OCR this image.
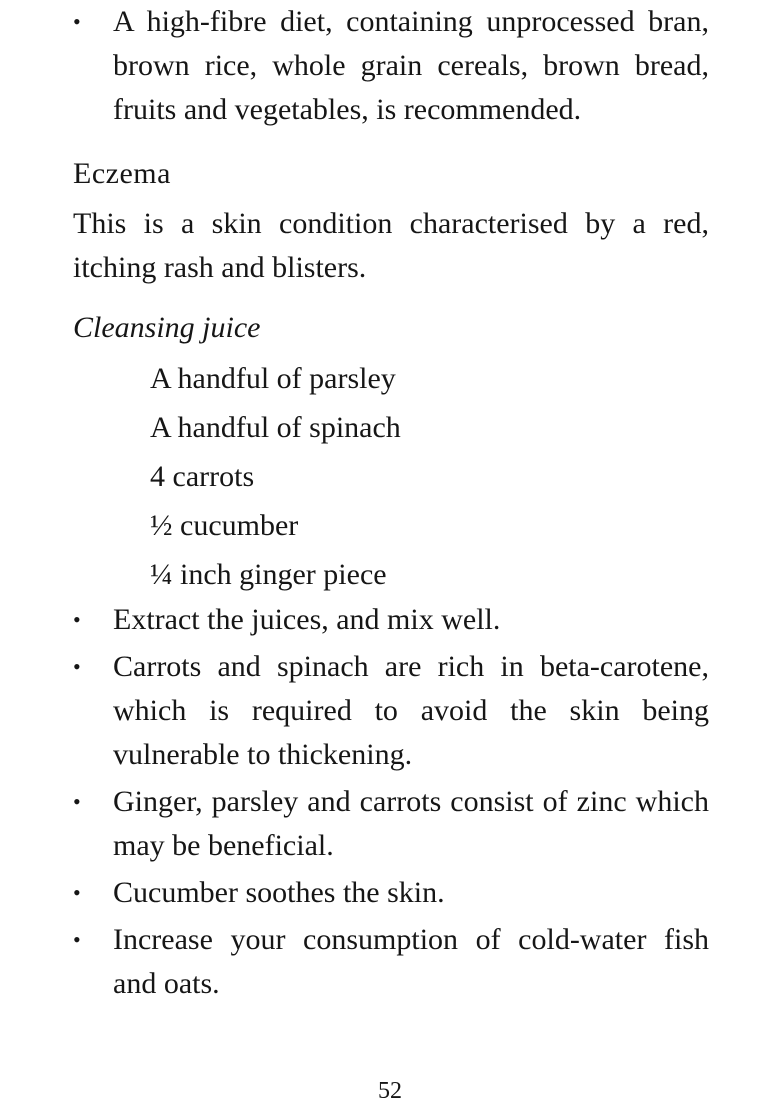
• A high-fibre diet, containing unprocessed bran, brown rice, whole grain cereals, brown bread, fruits and vegetables, is recommended.
Eczema

This is a skin condition characterised by a red, itching rash and blisters.

Cleansing juice

A handful of parsley
A handful of spinach
4 carrots
½ cucumber
¼ inch ginger piece
• Extract the juices, and mix well.
• Carrots and spinach are rich in beta-carotene, which is required to avoid the skin being vulnerable to thickening.
• Ginger, parsley and carrots consist of zinc which may be beneficial.
• Cucumber soothes the skin.
• Increase your consumption of cold-water fish and oats.
52
